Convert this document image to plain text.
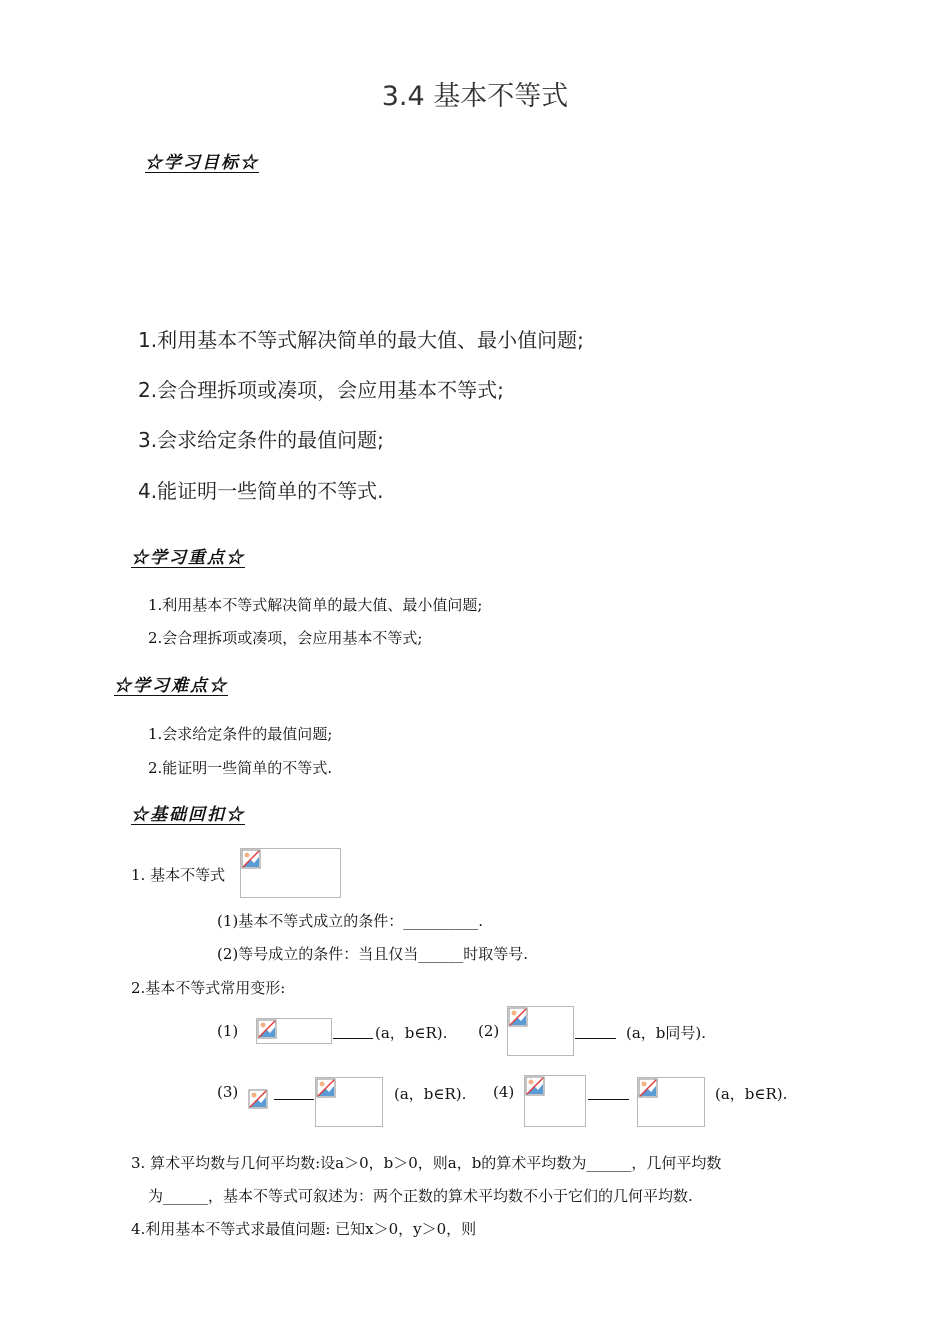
3.4 基本不等式
☆学习目标☆
1.利用基本不等式解决简单的最大值、最小值问题;
2.会合理拆项或凑项，会应用基本不等式;
3.会求给定条件的最值问题;
4.能证明一些简单的不等式.
☆学习重点☆
1.利用基本不等式解决简单的最大值、最小值问题;
2.会合理拆项或凑项，会应用基本不等式;
☆学习难点☆
1.会求给定条件的最值问题;
2.能证明一些简单的不等式.
☆基础回扣☆
1. 基本不等式
(1)基本不等式成立的条件：__________.
(2)等号成立的条件：当且仅当______时取等号.
2.基本不等式常用变形:
(1)	(a，b∈R). (2)	(a，b同号).
(3)	(a，b∈R). (4)	(a，b∈R).
3. 算术平均数与几何平均数:设a＞0，b＞0，则a，b的算术平均数为______，几何平均数
为______，基本不等式可叙述为：两个正数的算术平均数不小于它们的几何平均数.
4.利用基本不等式求最值问题: 已知x＞0，y＞0，则
